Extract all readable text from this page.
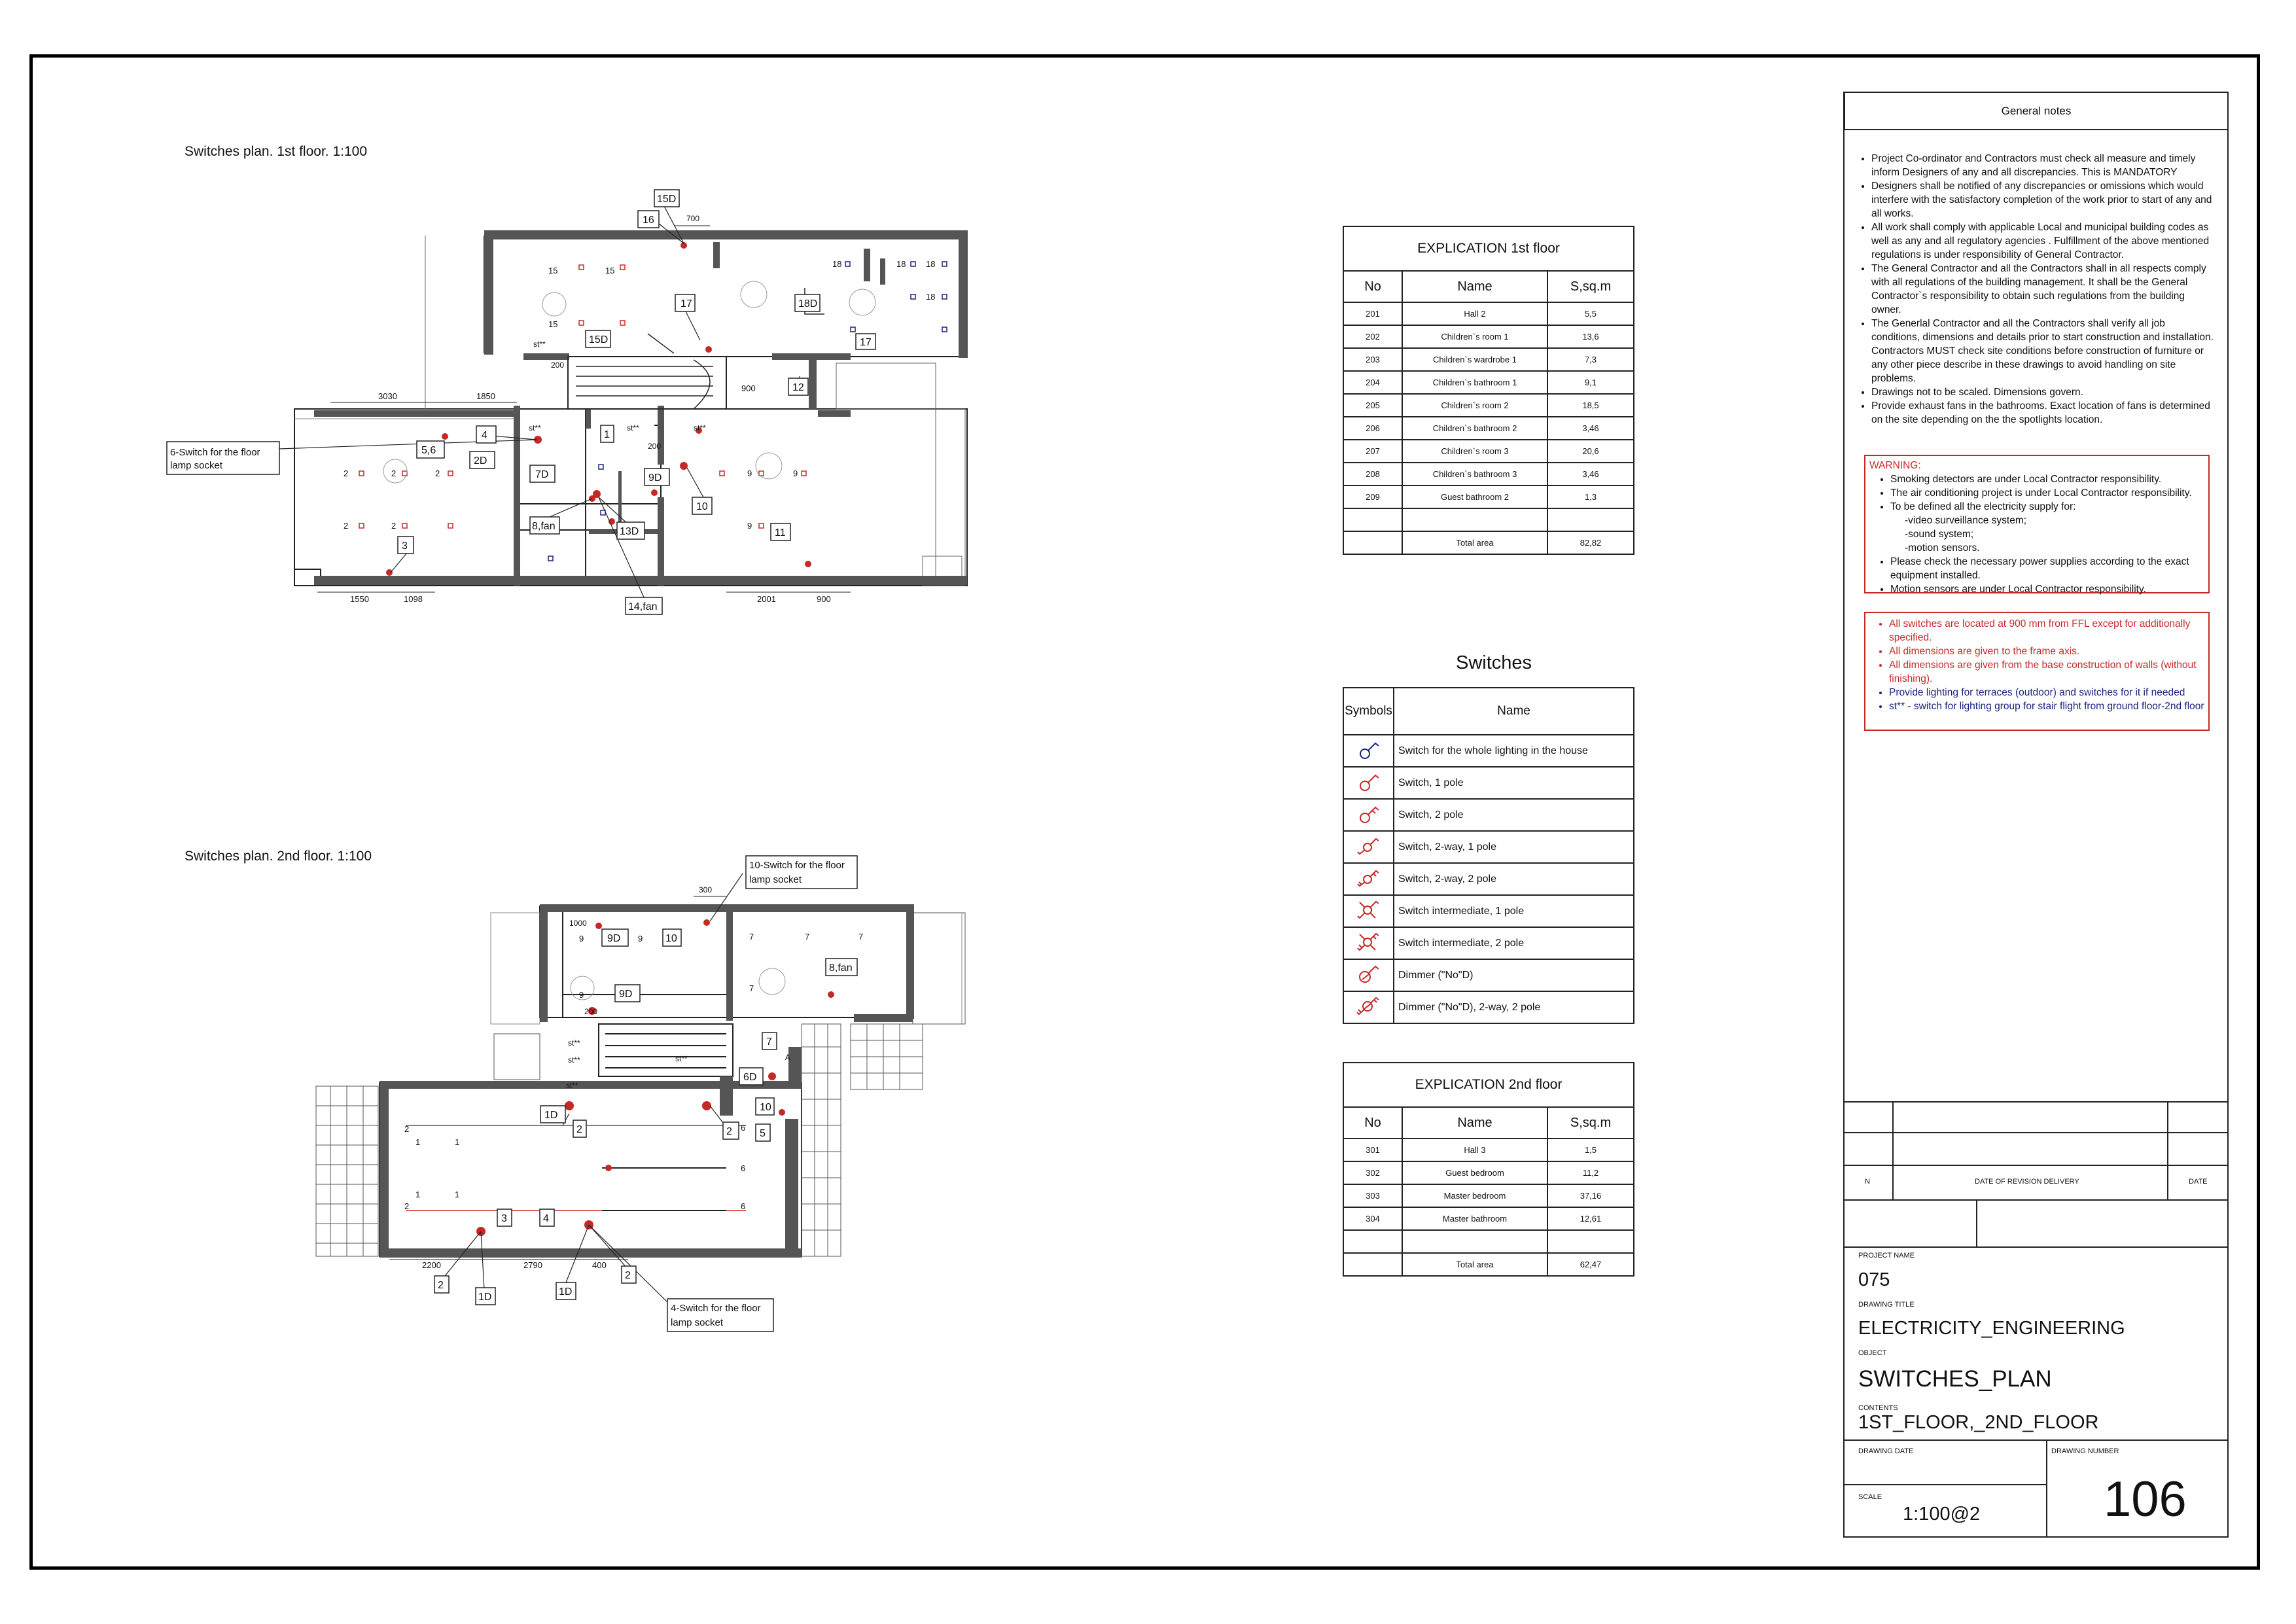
Switches plan. 1st floor. 1:100
Switches plan. 2nd floor. 1:100
15D
16	700
17	18D
17
15D
12
900
3030	1850
6-Switch for the floor
lamp socket
4
5,6
2D
7D
1
9D
10
8,fan	13D
3
11
1550	1098	2001	900
14,fan
15	15
15
18	18 18
18
2	2	2
2	2
9	9
9
st**
st**	st**	st**
200
200
10-Switch for the floor
lamp socket
300
1000
9D	10
8,fan
9D
200
7
6D
1D
2	2
10
5
3	4
2200	2790	400
2
1D	1D
2
4-Switch for the floor
lamp socket
1	1
1	1
2
2
6
6
6
7	7	7
7
9	9
9
st**
st**
st**
st**	A
EXPLICATION 1st floor		
No	Name	S,sq.m
201	Hall 2	5,5
202	Children`s room 1	13,6
203	Children`s wardrobe 1	7,3
204	Children`s bathroom 1	9,1
205	Children`s room 2	18,5
206	Children`s bathroom 2	3,46
207	Children`s room 3	20,6
208	Children`s bathroom 3	3,46
209	Guest bathroom 2	1,3

	Total area	82,82
Switches
Symbols	Name
	Switch for the whole lighting in the house
	Switch, 1 pole
	Switch, 2 pole
	Switch, 2-way, 1 pole
	Switch, 2-way, 2 pole
	Switch intermediate, 1 pole
	Switch intermediate, 2 pole
	Dimmer ("No"D)
	Dimmer ("No"D), 2-way, 2 pole
EXPLICATION 2nd floor		
No	Name	S,sq.m
301	Hall 3	1,5
302	Guest bedroom	11,2
303	Master bedroom	37,16
304	Master bathroom	12,61

	Total area	62,47
General notes
• Project Co-ordinator and Contractors must check all measure and timely inform Designers of any and all discrepancies. This is MANDATORY
• Designers shall be notified of any discrepancies or omissions which would interfere with the satisfactory completion of the work prior to start of any and all works.
• All work shall comply with applicable Local and municipal building codes as well as any and all regulatory agencies . Fulfillment of the above mentioned regulations is under responsibility of General Contractor.
• The General Contractor and all the Contractors shall in all respects comply with all regulations of the building management. It shall be the General Contractor`s responsibility to obtain such regulations from the building owner.
• The Generlal Contractor and all the Contractors shall verify all job conditions, dimensions and details prior to start construction and installation. Contractors MUST check site conditions before construction of furniture or any other piece describe in these drawings to avoid handling on site problems.
• Drawings not to be scaled. Dimensions govern.
• Provide exhaust fans in the bathrooms. Exact location of fans is determined on the site depending on the the spotlights location.
WARNING:
• Smoking detectors are under Local Contractor responsibility.
• The air conditioning project is under Local Contractor responsibility.
• To be defined all the electricity supply for:
-video surveillance system;
-sound system;
-motion sensors.
• Please check the necessary power supplies according to the exact equipment installed.
• Motion sensors are under Local Contractor responsibility.
• All switches are located at 900 mm from FFL except for additionally specified.
• All dimensions are given to the frame axis.
• All dimensions are given from the base construction of walls (without finishing).
• Provide lighting for terraces (outdoor) and switches for it if needed
• st** - switch for lighting group for stair flight from ground floor-2nd floor
N	DATE OF REVISION DELIVERY	DATE
PROJECT NAME
075
DRAWING TITLE
ELECTRICITY_ENGINEERING
OBJECT
SWITCHES_PLAN
CONTENTS
1ST_FLOOR,_2ND_FLOOR
DRAWING DATE	DRAWING NUMBER
SCALE
1:100@2 106
